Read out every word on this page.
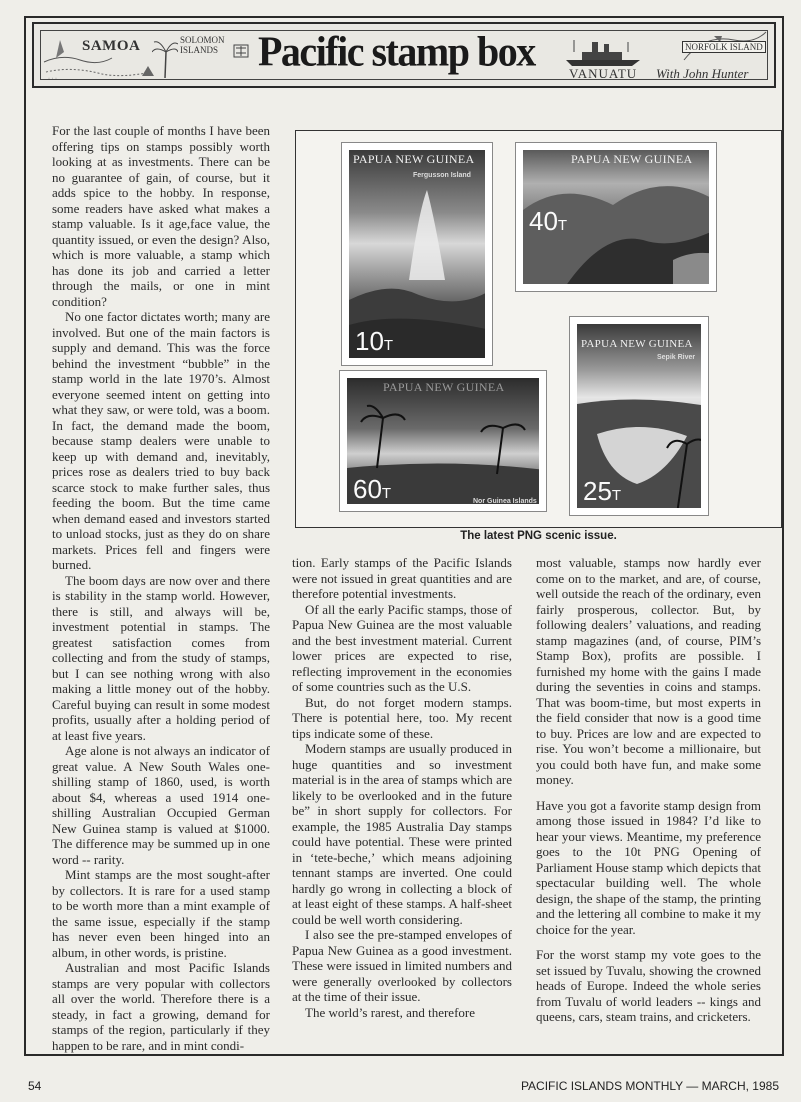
· · ·
SAMOA	SOLOMON
ISLANDS Pacific stamp box	VANUATU
NORFOLK ISLAND
With John Hunter

For the last couple of months I have been offering tips on stamps possibly worth looking at as investments. There can be no guarantee of gain, of course, but it adds spice to the hobby. In response, some readers have asked what makes a stamp valuable. Is it age,face value, the quantity issued, or even the design? Also, which is more valuable, a stamp which has done its job and carried a letter through the mails, or one in mint condition?

No one factor dictates worth; many are involved. But one of the main factors is supply and demand. This was the force behind the investment “bubble” in the stamp world in the late 1970’s. Almost everyone seemed intent on getting into what they saw, or were told, was a boom. In fact, the demand made the boom, because stamp dealers were unable to keep up with demand and, inevitably, prices rose as dealers tried to buy back scarce stock to make further sales, thus feeding the boom. But the time came when demand eased and investors started to unload stocks, just as they do on share markets. Prices fell and fingers were burned.

The boom days are now over and there is stability in the stamp world. However, there is still, and always will be, investment potential in stamps. The greatest satisfaction comes from collecting and from the study of stamps, but I can see nothing wrong with also making a little money out of the hobby. Careful buying can result in some modest profits, usually after a holding period of at least five years.

Age alone is not always an indicator of great value. A New South Wales one-shilling stamp of 1860, used, is worth about $4, whereas a used 1914 one-shilling Australian Occupied German New Guinea stamp is valued at $1000. The difference may be summed up in one word -- rarity.

Mint stamps are the most sought-after by collectors. It is rare for a used stamp to be worth more than a mint example of the same issue, especially if the stamp has never even been hinged into an album, in other words, is pristine.

Australian and most Pacific Islands stamps are very popular with collectors all over the world. Therefore there is a steady, in fact a growing, demand for stamps of the region, particularly if they happen to be rare, and in mint condi-

PAPUA NEW GUINEA
Fergusson Island
10T
PAPUA NEW GUINEA
40T
PAPUA NEW GUINEA
Nor Guinea Islands
60T
PAPUA NEW GUINEA
Sepik River
25T
The latest PNG scenic issue.

tion. Early stamps of the Pacific Islands were not issued in great quantities and are therefore potential investments.

Of all the early Pacific stamps, those of Papua New Guinea are the most valuable and the best investment material. Current lower prices are expected to rise, reflecting improvement in the economies of some countries such as the U.S.

But, do not forget modern stamps. There is potential here, too. My recent tips indicate some of these.

Modern stamps are usually produced in huge quantities and so investment material is in the area of stamps which are likely to be overlooked and in the future be” in short supply for collectors. For example, the 1985 Australia Day stamps could have potential. These were printed in ‘tete-beche,’ which means adjoining tennant stamps are inverted. One could hardly go wrong in collecting a block of at least eight of these stamps. A half-sheet could be well worth considering.

I also see the pre-stamped envelopes of Papua New Guinea as a good investment. These were issued in limited numbers and were generally overlooked by collectors at the time of their issue.

The world’s rarest, and therefore

most valuable, stamps now hardly ever come on to the market, and are, of course, well outside the reach of the ordinary, even fairly prosperous, collector. But, by following dealers’ valuations, and reading stamp magazines (and, of course, PIM’s Stamp Box), profits are possible. I furnished my home with the gains I made during the seventies in coins and stamps. That was boom-time, but most experts in the field consider that now is a good time to buy. Prices are low and are expected to rise. You won’t become a millionaire, but you could both have fun, and make some money.

Have you got a favorite stamp design from among those issued in 1984? I’d like to hear your views. Meantime, my preference goes to the 10t PNG Opening of Parliament House stamp which depicts that spectacular building well. The whole design, the shape of the stamp, the printing and the lettering all combine to make it my choice for the year.

For the worst stamp my vote goes to the set issued by Tuvalu, showing the crowned heads of Europe. Indeed the whole series from Tuvalu of world leaders -- kings and queens, cars, steam trains, and cricketers.

54	PACIFIC ISLANDS MONTHLY — MARCH, 1985
